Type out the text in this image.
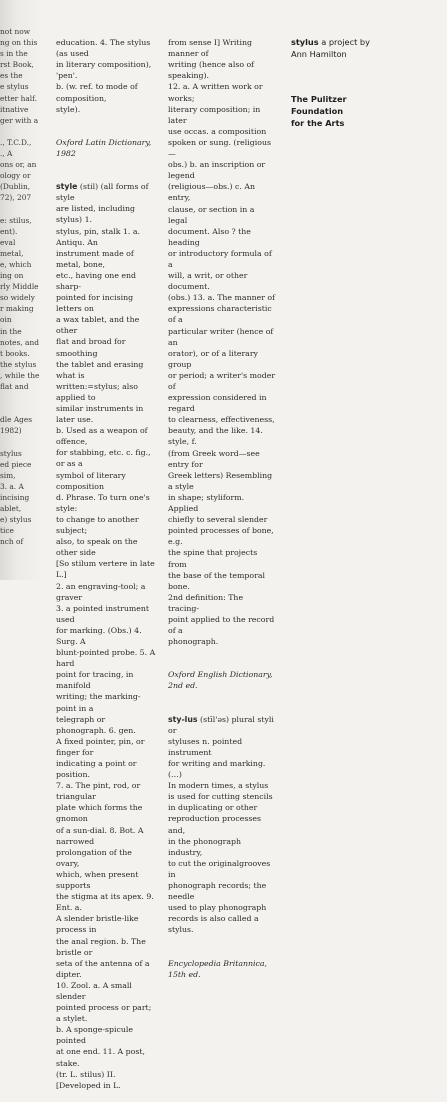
not now
ng on this
s in the
rst Book,
es the
e stylus
etter half.
itnative
ger with a

., T.C.D.,
., A
ons or, an
ology or
(Dublin,
72), 207

e: stilus,
ent).
eval
metal,
e, which
ing on
rly Middle
so widely
r making
oin
in the
notes, and
t books.
the stylus
, while the
flat and

dle Ages
1982)

stylus
ed piece
sim,
3. a. A
incising
ablet,
e) stylus
tice
nch of

education. 4. The stylus (as used
in literary composition), 'pen'.
b. (w. ref. to mode of composition,
style).

Oxford Latin Dictionary, 1982

style (stil) (all forms of style
are listed, including stylus) 1.
stylus, pin, stalk 1. a. Antiqu. An
instrument made of metal, bone,
etc., having one end sharp-
pointed for incising letters on
a wax tablet, and the other
flat and broad for smoothing
the tablet and erasing what is
written:=stylus; also applied to
similar instruments in later use.
b. Used as a weapon of offence,
for stabbing, etc. c. fig., or as a
symbol of literary composition
d. Phrase. To turn one's style:
to change to another subject;
also, to speak on the other side
[So stilum vertere in late L.]
2. an engraving-tool; a graver
3. a pointed instrument used
for marking. (Obs.) 4. Surg. A
blunt-pointed probe. 5. A hard
point for tracing, in manifold
writing; the marking-point in a
telegraph or phonograph. 6. gen.
A fixed pointer, pin, or finger for
indicating a point or position.
7. a. The pint, rod, or triangular
plate which forms the gnomon
of a sun-dial. 8. Bot. A narrowed
prolongation of the ovary,
which, when present supports
the stigma at its apex. 9. Ent. a.
A slender bristle-like process in
the anal region. b. The bristle or
seta of the antenna of a dipter.
10. Zool. a. A small slender
pointed process or part; a stylet.
b. A sponge-spicule pointed
at one end. 11. A post, stake.
(tr. L. stilus) II. [Developed in L.

from sense I] Writing manner of
writing (hence also of speaking).
12. a. A written work or works;
literary composition; in later
use occas. a composition
spoken or sung. (religious—
obs.) b. an inscription or legend
(religious—obs.) c. An entry,
clause, or section in a legal
document. Also ? the heading
or introductory formula of a
will, a writ, or other document.
(obs.) 13. a. The manner of
expressions characteristic of a
particular writer (hence of an
orator), or of a literary group
or period; a writer's moder of
expression considered in regard
to clearness, effectiveness,
beauty, and the like. 14. style, f.
(from Greek word—see entry for
Greek letters) Resembling a style
in shape; styliform. Applied
chiefly to several slender
pointed processes of bone, e.g.
the spine that projects from
the base of the temporal bone.
2nd definition: The tracing-
point applied to the record of a
phonograph.

Oxford English Dictionary,
2nd ed.

sty-lus (stīl'ǝs) plural styli or
styluses n. pointed instrument
for writing and marking. (…)
In modern times, a stylus
is used for cutting stencils
in duplicating or other
reproduction processes and,
in the phonograph industry,
to cut the originalgrooves in
phonograph records; the needle
used to play phonograph
records is also called a stylus.

Encyclopedia Britannica, 15th ed.

stylus a project by
Ann Hamilton

The Pulitzer Foundation
for the Arts
